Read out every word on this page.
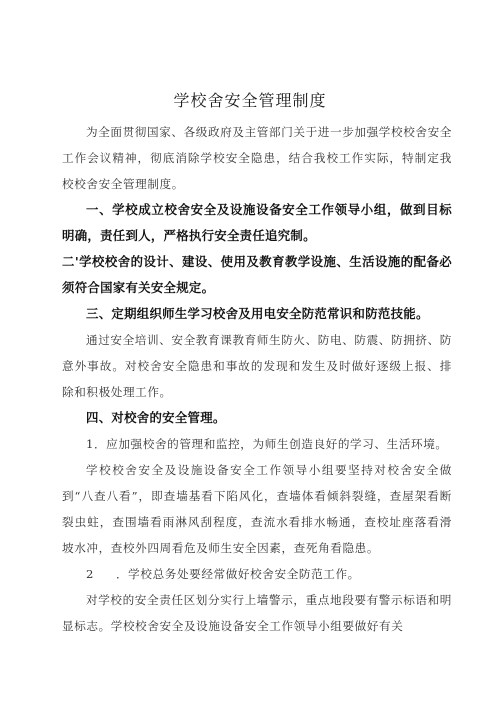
学校舍安全管理制度

为全面贯彻国家、各级政府及主管部门关于进一步加强学校校舍安全工作会议精神，彻底消除学校安全隐患，结合我校工作实际，特制定我校校舍安全管理制度。

一、学校成立校舍安全及设施设备安全工作领导小组，做到目标明确，责任到人，严格执行安全责任追究制。

二'学校校舍的设计、建设、使用及教育教学设施、生活设施的配备必须符合国家有关安全规定。

三、定期组织师生学习校舍及用电安全防范常识和防范技能。

通过安全培训、安全教育课教育师生防火、防电、防震、防拥挤、防意外事故。对校舍安全隐患和事故的发现和发生及时做好逐级上报、排除和积极处理工作。

四、对校舍的安全管理。

1．应加强校舍的管理和监控，为师生创造良好的学习、生活环境。

学校校舍安全及设施设备安全工作领导小组要坚持对校舍安全做到“八查八看”，即查墙基看下陷风化，查墙体看倾斜裂缝，查屋架看断裂虫蛀，查围墙看雨淋风刮程度，查流水看排水畅通，查校址座落看滑坡水冲，查校外四周看危及师生安全因素，查死角看隐患。

2 ．学校总务处要经常做好校舍安全防范工作。

对学校的安全责任区划分实行上墙警示，重点地段要有警示标语和明显标志。学校校舍安全及设施设备安全工作领导小组要做好有关
